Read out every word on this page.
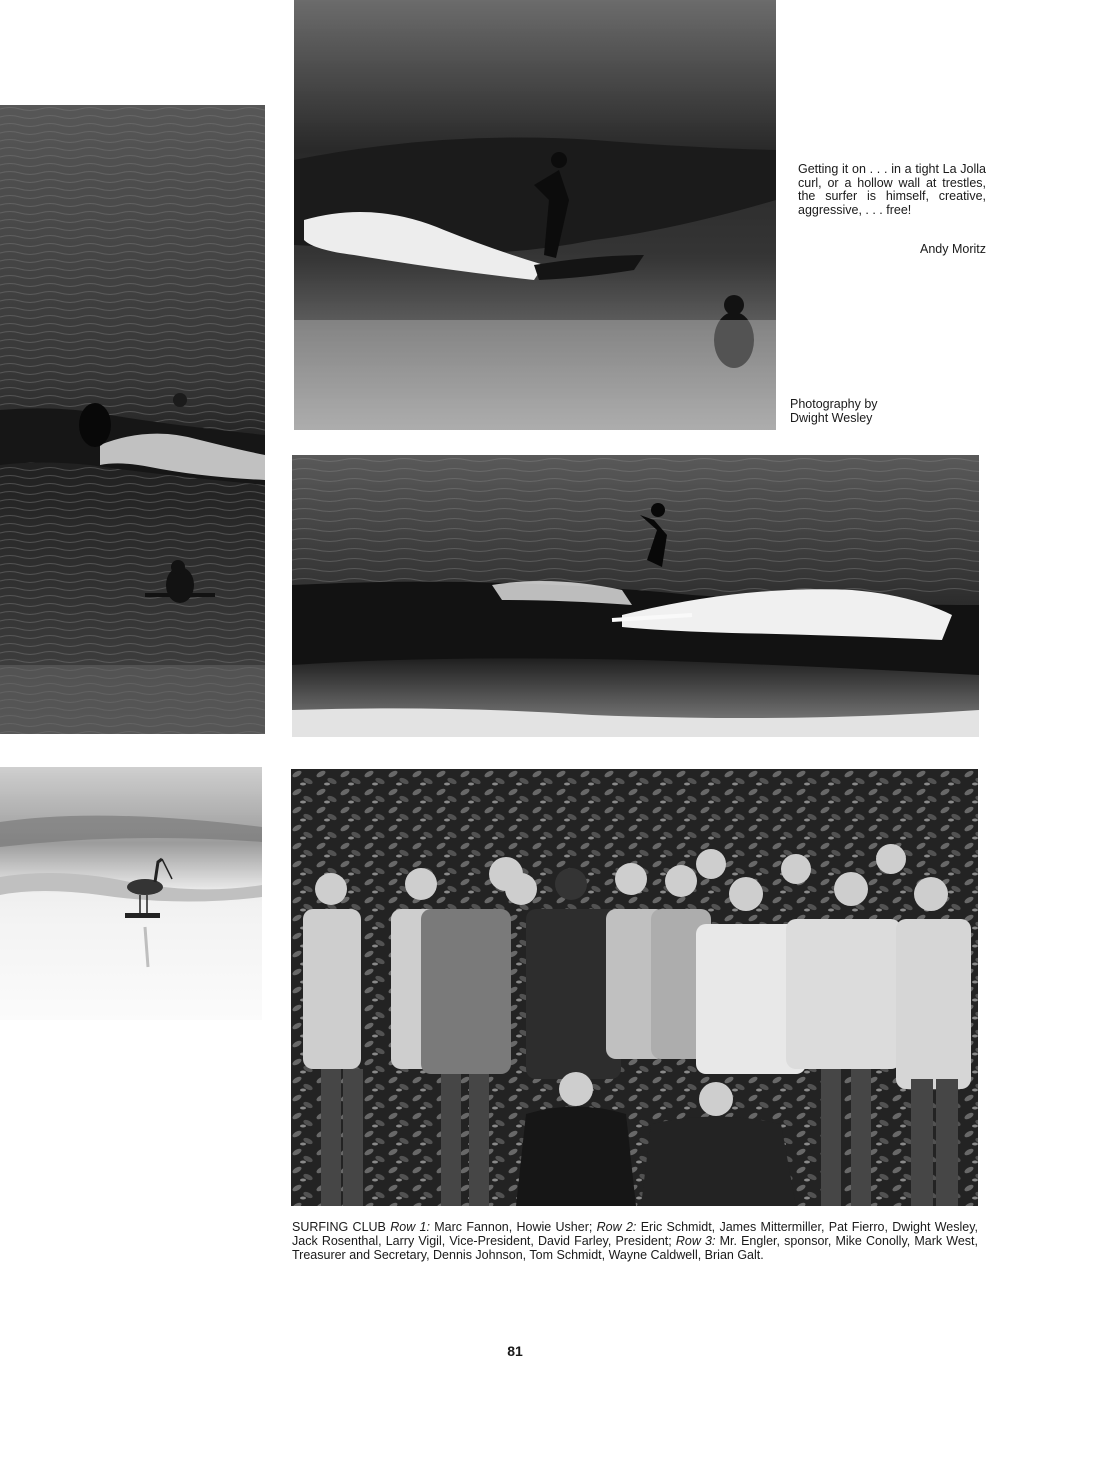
Getting it on . . . in a tight La Jolla curl, or a hollow wall at trestles, the surfer is himself, creative, aggressive, . . . free!
Andy Moritz
Photography by
Dwight Wesley
SURFING CLUB Row 1: Marc Fannon, Howie Usher; Row 2: Eric Schmidt, James Mittermiller, Pat Fierro, Dwight Wesley, Jack Rosenthal, Larry Vigil, Vice-President, David Farley, President; Row 3: Mr. Engler, sponsor, Mike Conolly, Mark West, Treasurer and Secretary, Dennis Johnson, Tom Schmidt, Wayne Caldwell, Brian Galt.
81
